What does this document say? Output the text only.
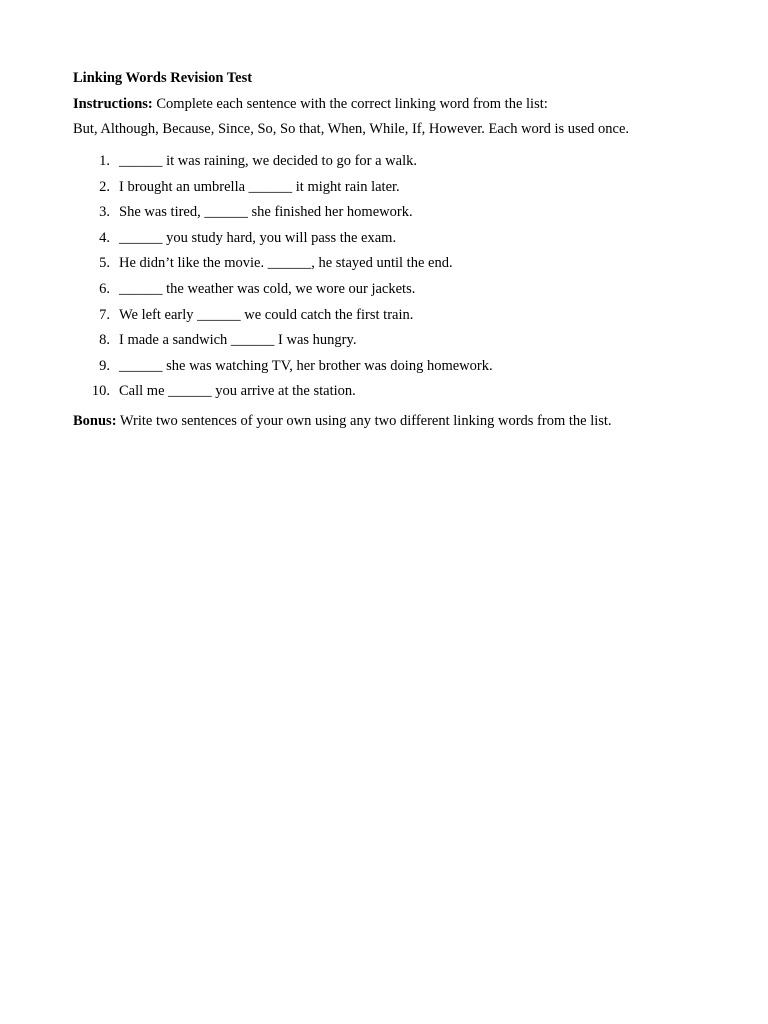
Linking Words Revision Test
Instructions: Complete each sentence with the correct linking word from the list:
But, Although, Because, Since, So, So that, When, While, If, However. Each word is used once.
1. ______ it was raining, we decided to go for a walk.
2. I brought an umbrella ______ it might rain later.
3. She was tired, ______ she finished her homework.
4. ______ you study hard, you will pass the exam.
5. He didn’t like the movie. ______, he stayed until the end.
6. ______ the weather was cold, we wore our jackets.
7. We left early ______ we could catch the first train.
8. I made a sandwich ______ I was hungry.
9. ______ she was watching TV, her brother was doing homework.
10. Call me ______ you arrive at the station.
Bonus: Write two sentences of your own using any two different linking words from the list.
